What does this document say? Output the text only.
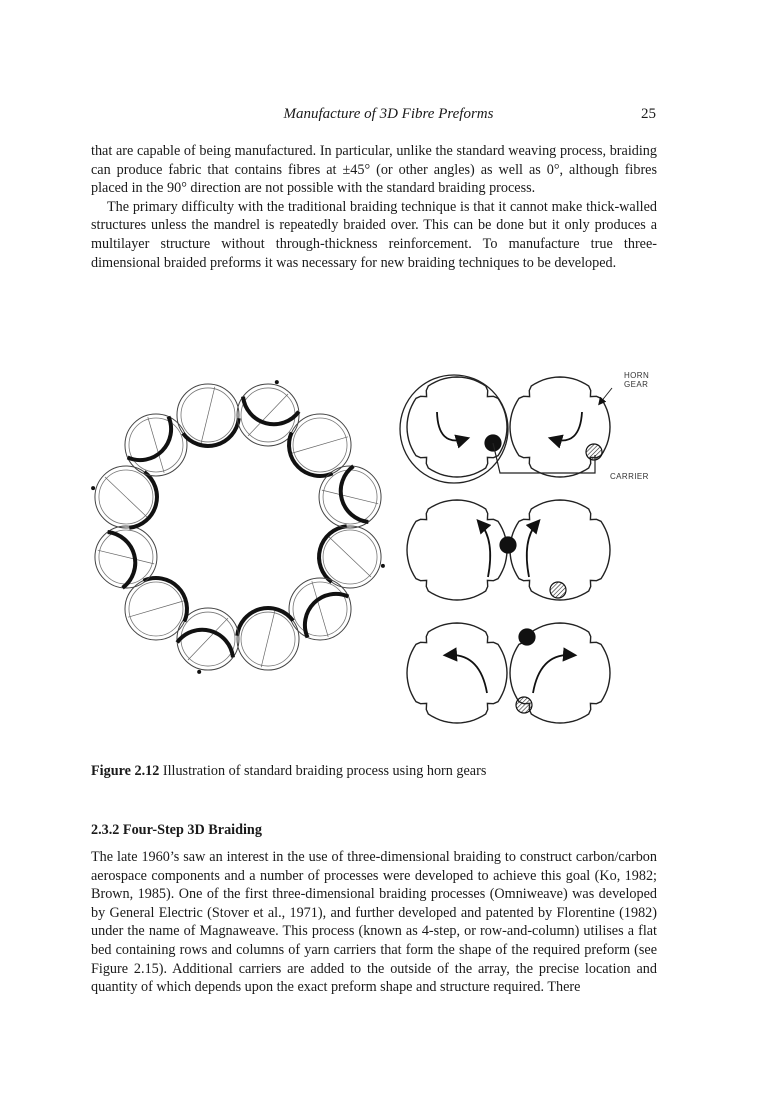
Manufacture of 3D Fibre Preforms	25

that are capable of being manufactured. In particular, unlike the standard weaving process, braiding can produce fabric that contains fibres at ±45° (or other angles) as well as 0°, although fibres placed in the 90° direction are not possible with the standard braiding process.

The primary difficulty with the traditional braiding technique is that it cannot make thick-walled structures unless the mandrel is repeatedly braided over. This can be done but it only produces a multilayer structure without through-thickness reinforcement. To manufacture true three-dimensional braided preforms it was necessary for new braiding techniques to be developed.

HORN
GEAR
CARRIER
Figure 2.12 Illustration of standard braiding process using horn gears
2.3.2 Four-Step 3D Braiding

The late 1960’s saw an interest in the use of three-dimensional braiding to construct carbon/carbon aerospace components and a number of processes were developed to achieve this goal (Ko, 1982; Brown, 1985). One of the first three-dimensional braiding processes (Omniweave) was developed by General Electric (Stover et al., 1971), and further developed and patented by Florentine (1982) under the name of Magnaweave. This process (known as 4-step, or row-and-column) utilises a flat bed containing rows and columns of yarn carriers that form the shape of the required preform (see Figure 2.15). Additional carriers are added to the outside of the array, the precise location and quantity of which depends upon the exact preform shape and structure required. There
